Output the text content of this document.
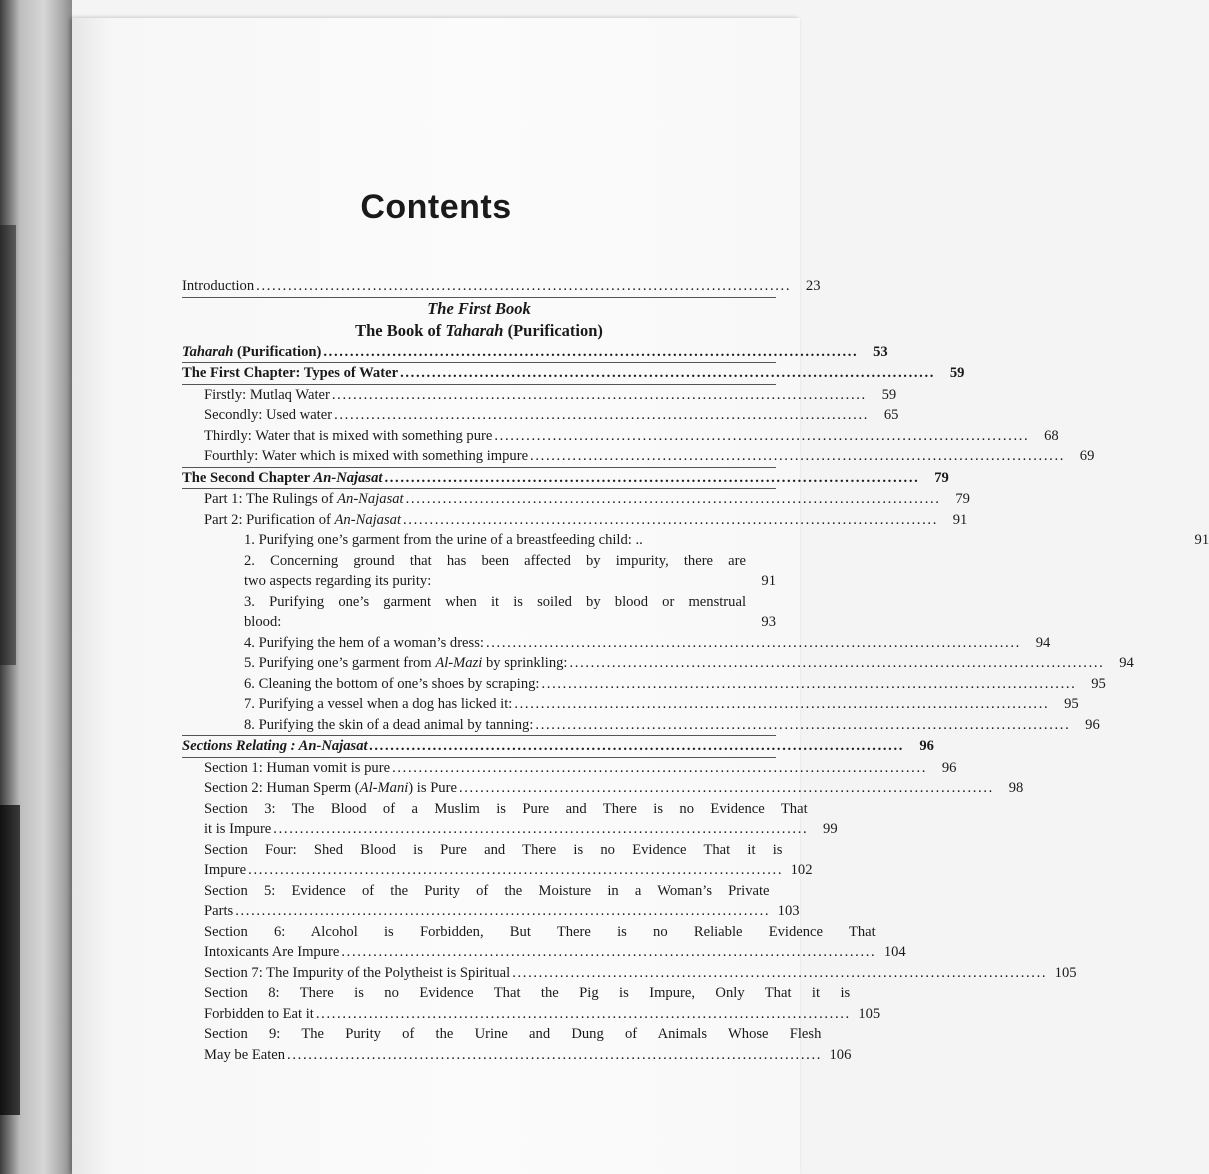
Contents
Introduction . . .	23
The First Book
The Book of Taharah (Purification)
Taharah (Purification) . . .	53
The First Chapter: Types of Water . . .	59
Firstly: Mutlaq Water . . .	59
Secondly: Used water . . .	65
Thirdly: Water that is mixed with something pure . . .	68
Fourthly: Water which is mixed with something impure . . .	69
The Second Chapter An-Najasat . . .	79
Part 1: The Rulings of An-Najasat . . .	79
Part 2: Purification of An-Najasat . . .	91
1. Purifying one’s garment from the urine of a breastfeeding child: ..	91
2. Concerning ground that has been affected by impurity, there are
two aspects regarding its purity:	91
3. Purifying one’s garment when it is soiled by blood or menstrual
blood:	93
4. Purifying the hem of a woman’s dress: . . .	94
5. Purifying one’s garment from Al-Mazi by sprinkling: . . .	94
6. Cleaning the bottom of one’s shoes by scraping: . . .	95
7. Purifying a vessel when a dog has licked it: . . .	95
8. Purifying the skin of a dead animal by tanning: . . .	96
Sections Relating : An-Najasat . . .	96
Section 1: Human vomit is pure . . .	96
Section 2: Human Sperm (Al-Mani) is Pure . . .	98
Section 3: The Blood of a Muslim is Pure and There is no Evidence That
it is Impure . . .	99
Section Four: Shed Blood is Pure and There is no Evidence That it is
Impure . . .	102
Section 5: Evidence of the Purity of the Moisture in a Woman’s Private
Parts . . .	103
Section 6: Alcohol is Forbidden, But There is no Reliable Evidence That
Intoxicants Are Impure . . .	104
Section 7: The Impurity of the Polytheist is Spiritual . . .	105
Section 8: There is no Evidence That the Pig is Impure, Only That it is
Forbidden to Eat it . . .	105
Section 9: The Purity of the Urine and Dung of Animals Whose Flesh
May be Eaten . . .	106
